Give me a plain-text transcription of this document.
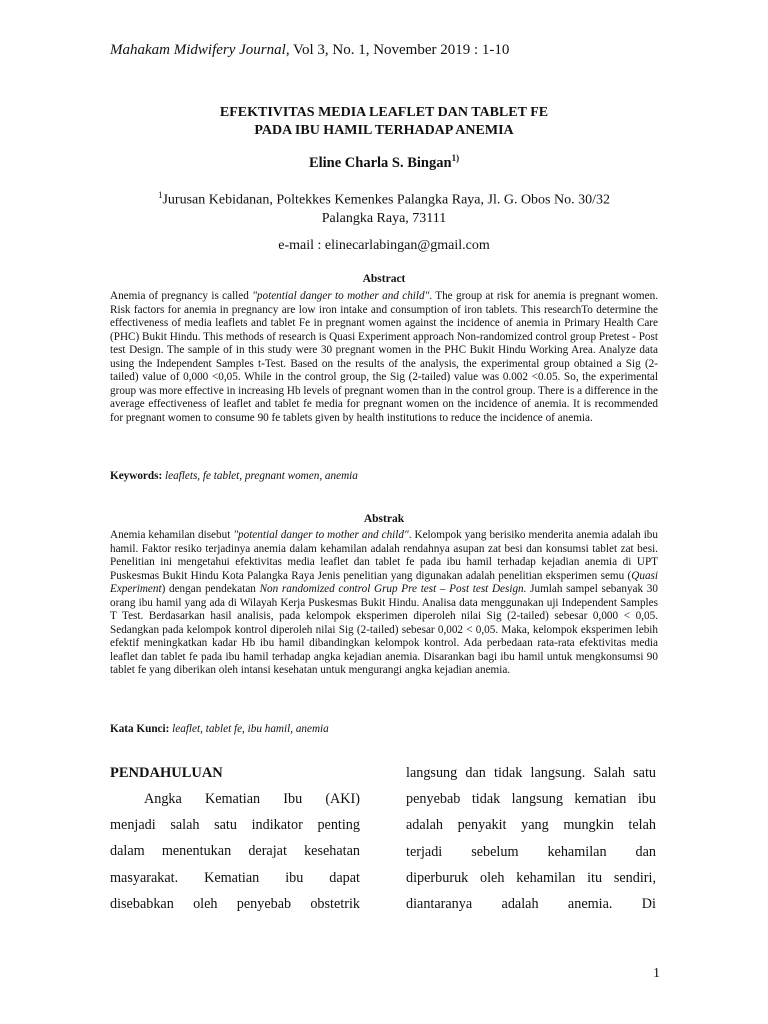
Mahakam Midwifery Journal, Vol 3, No. 1, November 2019 : 1-10
EFEKTIVITAS MEDIA LEAFLET DAN TABLET FE
PADA IBU HAMIL TERHADAP ANEMIA
Eline Charla S. Bingan$^{1)}$
$^1$Jurusan Kebidanan, Poltekkes Kemenkes Palangka Raya, Jl. G. Obos No. 30/32
Palangka Raya, 73111
e-mail : elinecarlabingan@gmail.com
Abstract
Anemia of pregnancy is called "potential danger to mother and child". The group at risk for anemia is pregnant women. Risk factors for anemia in pregnancy are low iron intake and consumption of iron tablets. This researchTo determine the effectiveness of media leaflets and tablet Fe in pregnant women against the incidence of anemia in Primary Health Care (PHC) Bukit Hindu. This methods of research is Quasi Experiment approach Non-randomized control group Pretest - Post test Design. The sample of in this study were 30 pregnant women in the PHC Bukit Hindu Working Area. Analyze data using the Independent Samples t-Test. Based on the results of the analysis, the experimental group obtained a Sig (2-tailed) value of 0,000 <0,05. While in the control group, the Sig (2-tailed) value was 0.002 <0.05. So, the experimental group was more effective in increasing Hb levels of pregnant women than in the control group. There is a difference in the average effectiveness of leaflet and tablet fe media for pregnant women on the incidence of anemia. It is recommended for pregnant women to consume 90 fe tablets given by health institutions to reduce the incidence of anemia.
Keywords: leaflets, fe tablet, pregnant women, anemia
Abstrak
Anemia kehamilan disebut "potential danger to mother and child". Kelompok yang berisiko menderita anemia adalah ibu hamil. Faktor resiko terjadinya anemia dalam kehamilan adalah rendahnya asupan zat besi dan konsumsi tablet zat besi. Penelitian ini mengetahui efektivitas media leaflet dan tablet fe pada ibu hamil terhadap kejadian anemia di UPT Puskesmas Bukit Hindu Kota Palangka Raya Jenis penelitian yang digunakan adalah penelitian eksperimen semu (Quasi Experiment) dengan pendekatan Non randomized control Grup Pre test – Post test Design. Jumlah sampel sebanyak 30 orang ibu hamil yang ada di Wilayah Kerja Puskesmas Bukit Hindu. Analisa data menggunakan uji Independent Samples T Test. Berdasarkan hasil analisis, pada kelompok eksperimen diperoleh nilai Sig (2-tailed) sebesar 0,000 < 0,05. Sedangkan pada kelompok kontrol diperoleh nilai Sig (2-tailed) sebesar 0,002 < 0,05. Maka, kelompok eksperimen lebih efektif meningkatkan kadar Hb ibu hamil dibandingkan kelompok kontrol. Ada perbedaan rata-rata efektivitas media leaflet dan tablet fe pada ibu hamil terhadap angka kejadian anemia. Disarankan bagi ibu hamil untuk mengkonsumsi 90 tablet fe yang diberikan oleh intansi kesehatan untuk mengurangi angka kejadian anemia.
Kata Kunci: leaflet, tablet fe, ibu hamil, anemia
PENDAHULUAN
Angka Kematian Ibu (AKI)
menjadi salah satu indikator penting
dalam menentukan derajat kesehatan
masyarakat. Kematian ibu dapat
disebabkan oleh penyebab obstetrik
langsung dan tidak langsung. Salah satu
penyebab tidak langsung kematian ibu
adalah penyakit yang mungkin telah
terjadi sebelum kehamilan dan
diperburuk oleh kehamilan itu sendiri,
diantaranya adalah anemia. Di
1
